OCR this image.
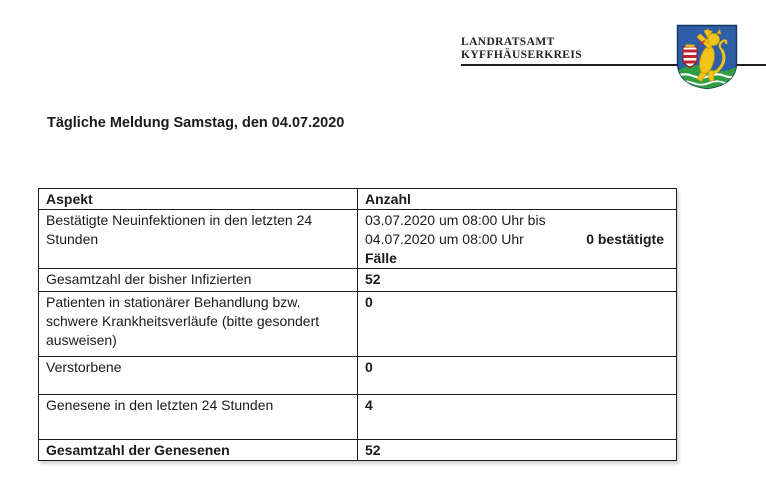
LANDRATSAMT
KYFFHÄUSERKREIS
Tägliche Meldung Samstag, den 04.07.2020
Aspekt	Anzahl
Bestätigte Neuinfektionen in den letzten 24 Stunden	03.07.2020 um 08:00 Uhr bis
04.07.2020 um 08:00 Uhr 0 bestätigte
Fälle

Gesamtzahl der bisher Infizierten	52
Patienten in stationärer Behandlung bzw. schwere Krankheitsverläufe (bitte gesondert ausweisen)	0
Verstorbene	0
Genesene in den letzten 24 Stunden	4
Gesamtzahl der Genesenen	52
